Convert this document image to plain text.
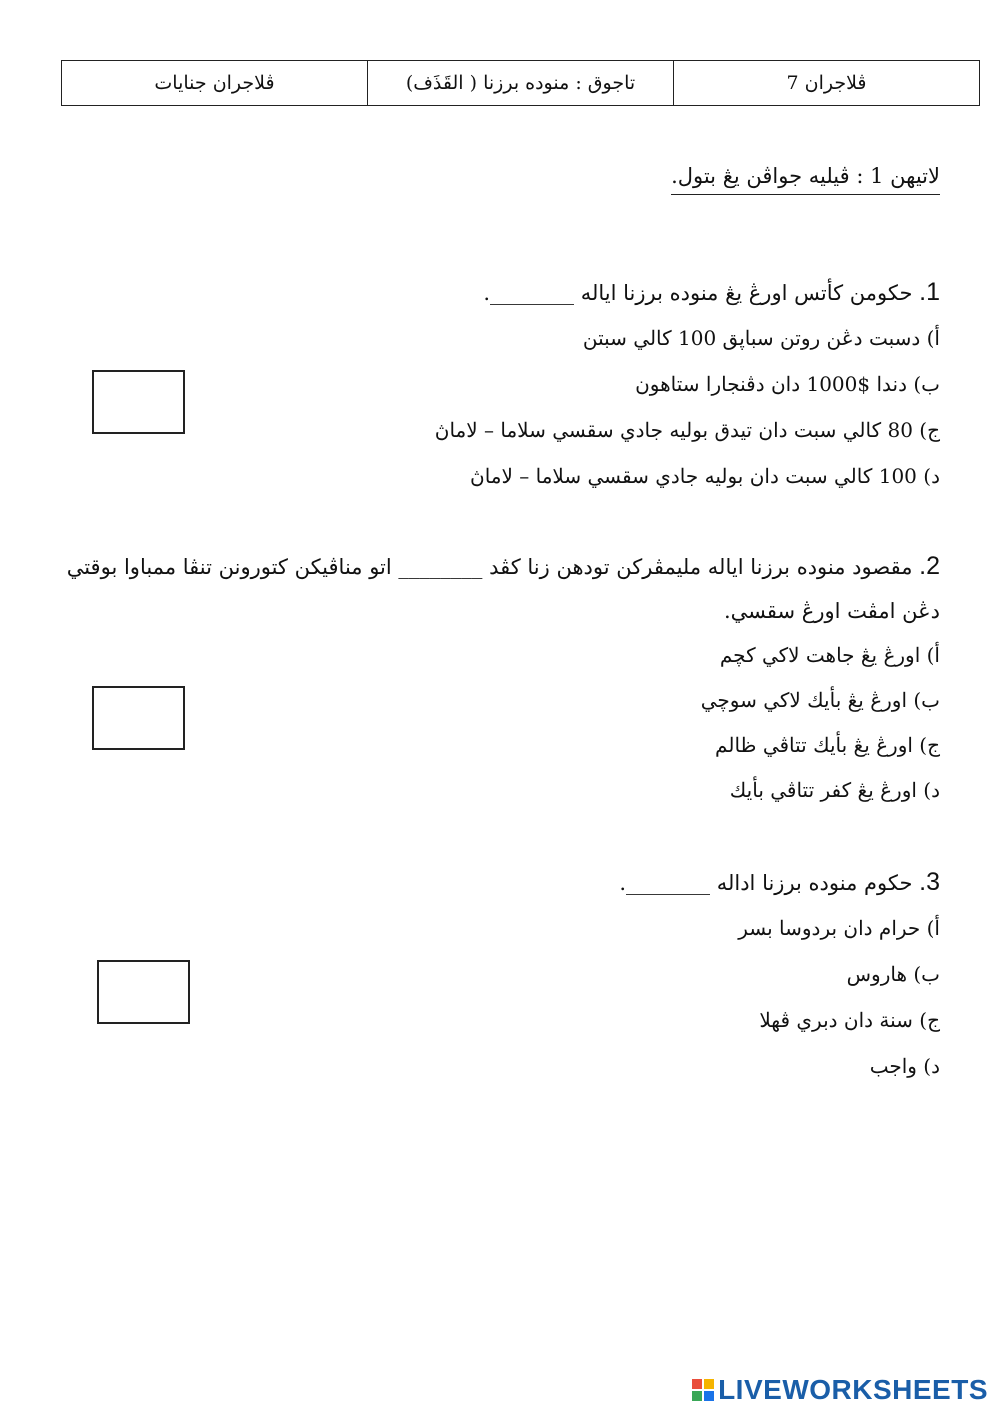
ڤلاجران 7	تاجوق : منوده برزنا ( القَذَف)	ڤلاجران جنايات
لاتيهن 1 : ڤيليه جواڤن يڠ بتول.
1. حكومن كأتس اورڠ يڠ منوده برزنا اياله ________.
أ) دسبت دڠن روتن سباڽق 100 كالي سبتن
ب) دندا $1000 دان دڤنجارا ستاهون
ج) 80 كالي سبت دان تيدق بوليه جادي سقسي سلاما – لاماڽ
د) 100 كالي سبت دان بوليه جادي سقسي سلاما – لاماڽ
2. مقصود منوده برزنا اياله مليمڤركن تودهن زنا كڤد ________ اتو مناڤيكن كتورونن تنڤا ممباوا بوقتي دڠن امڤت اورڠ سقسي.
أ) اورڠ يڠ جاهت لاكي كچم
ب) اورڠ يڠ بأيك لاكي سوچي
ج) اورڠ يڠ بأيك تتاڤي ظالم
د) اورڠ يڠ كفر تتاڤي بأيك
3. حكوم منوده برزنا اداله ________.
أ) حرام دان بردوسا بسر
ب) هاروس
ج) سنة دان دبري ڤهلا
د) واجب
LIVEWORKSHEETS
